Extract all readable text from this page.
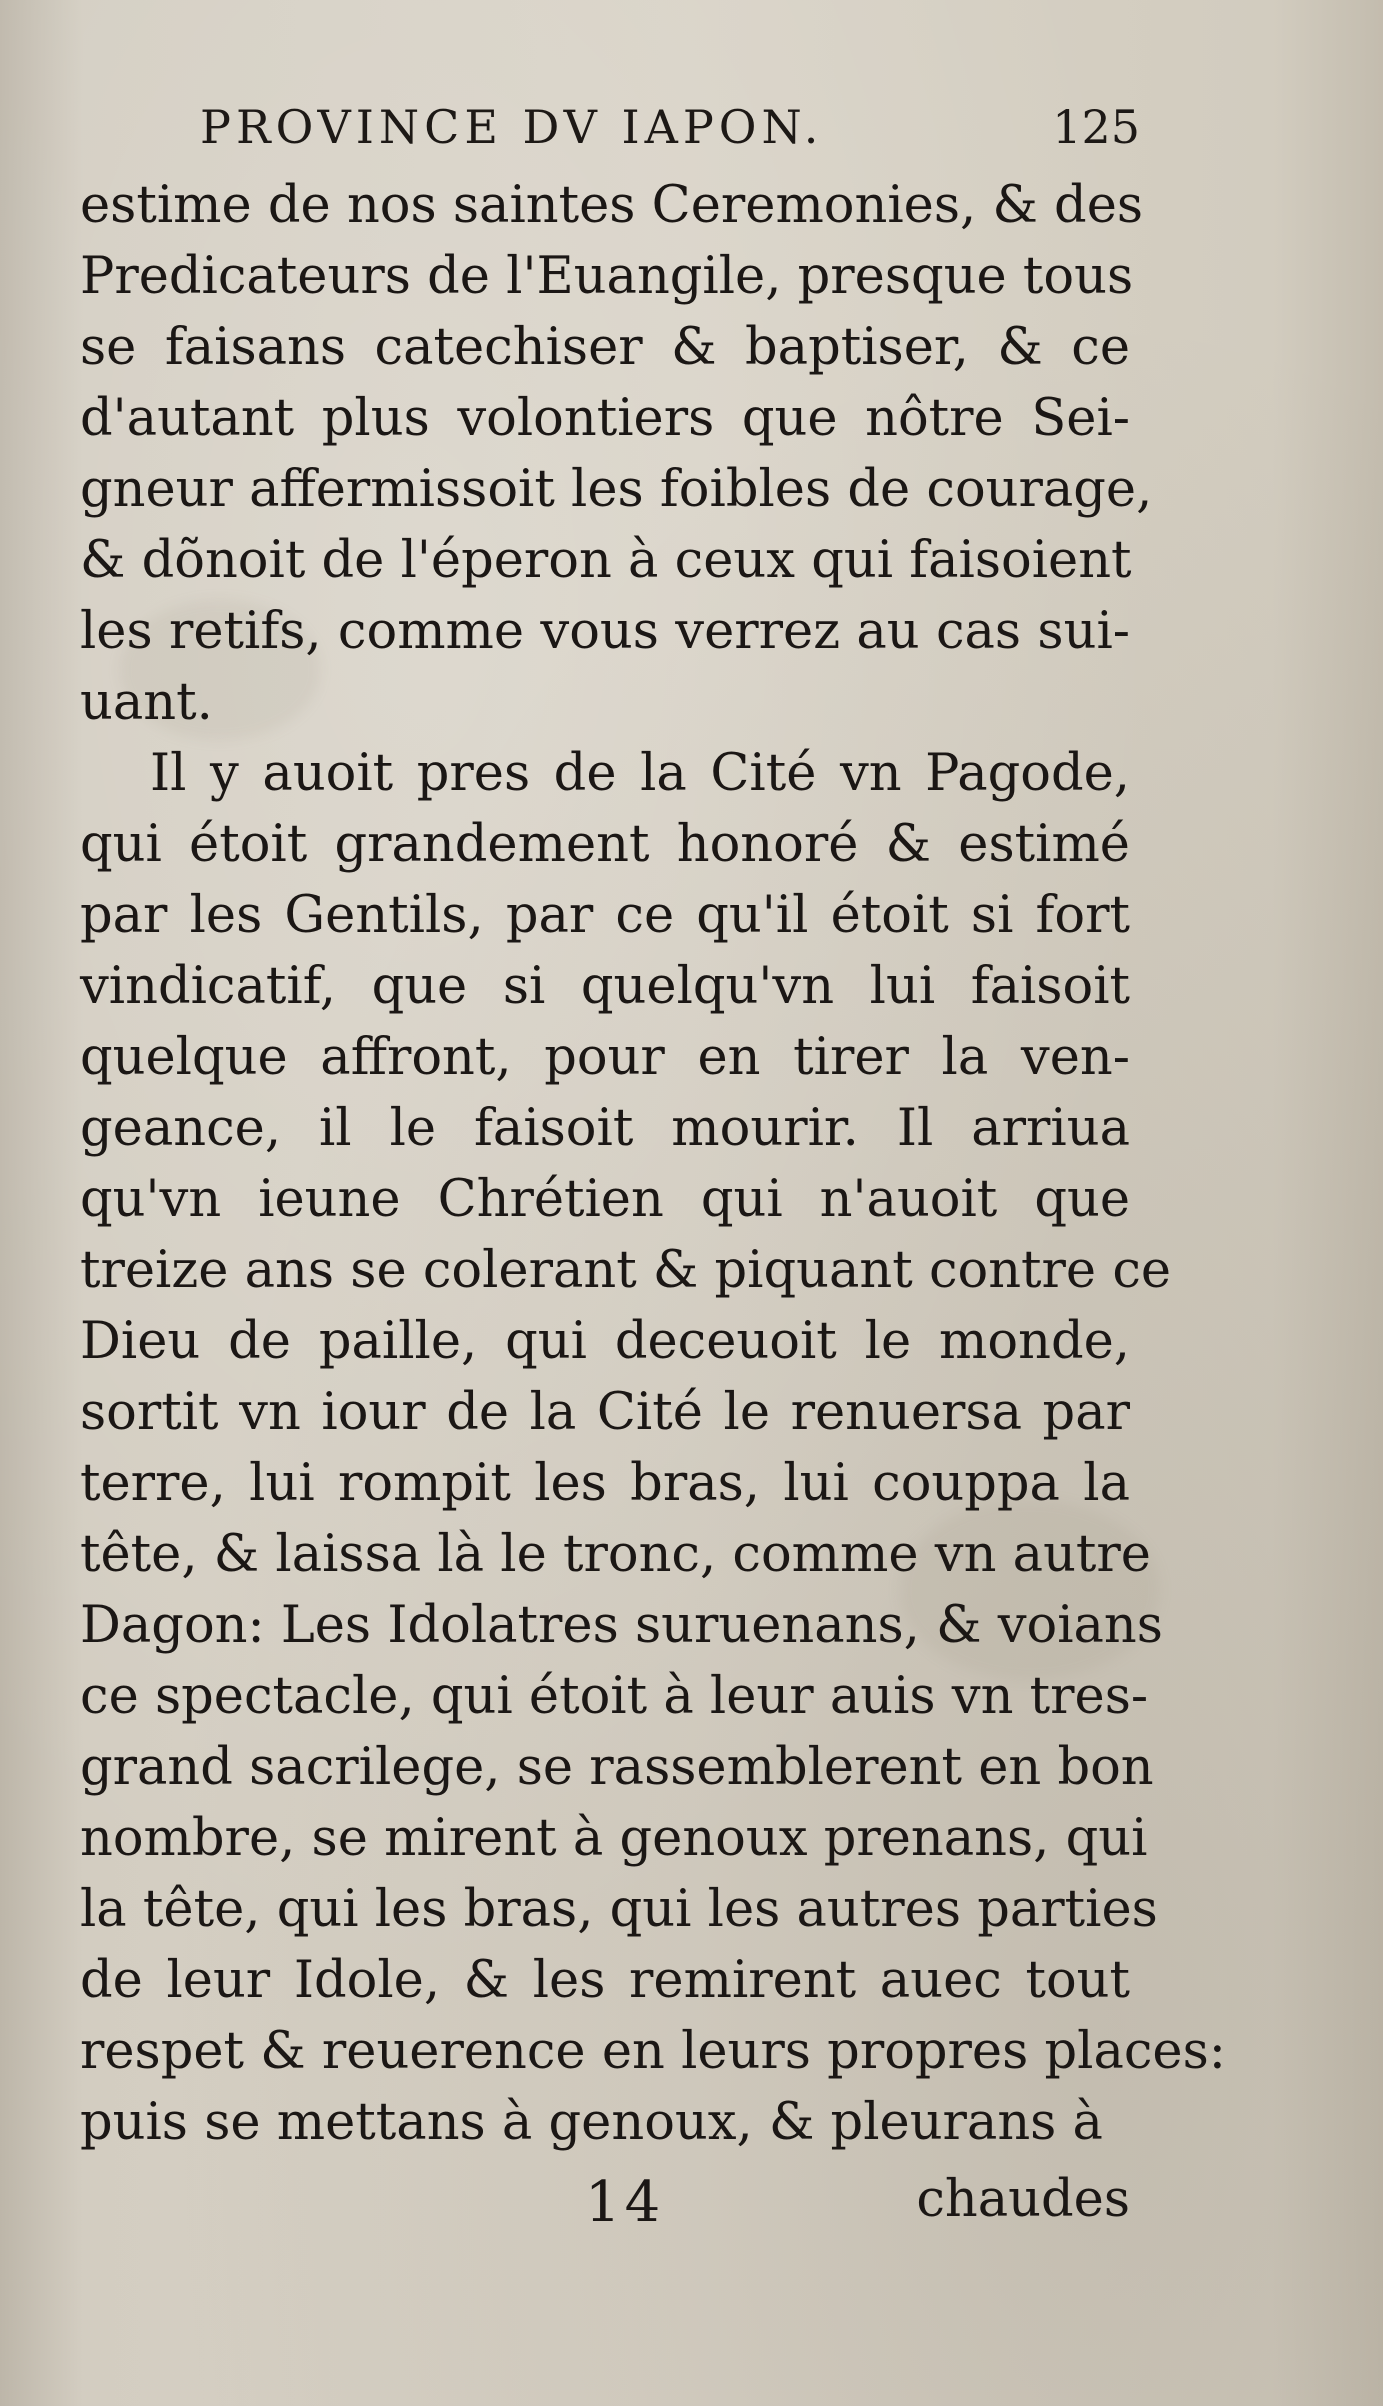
PROVINCE DV IAPON.	125
estime de nos saintes Ceremonies, & des
Predicateurs de l'Euangile, presque tous
se faisans catechiser & baptiser, & ce
d'autant plus volontiers que nôtre Sei-
gneur affermissoit les foibles de courage,
& dõnoit de l'éperon à ceux qui faisoient
les retifs, comme vous verrez au cas sui-
uant.
Il y auoit pres de la Cité vn Pagode,
qui étoit grandement honoré & estimé
par les Gentils, par ce qu'il étoit si fort
vindicatif, que si quelqu'vn lui faisoit
quelque affront, pour en tirer la ven-
geance, il le faisoit mourir. Il arriua
qu'vn ieune Chrétien qui n'auoit que
treize ans se colerant & piquant contre ce
Dieu de paille, qui deceuoit le monde,
sortit vn iour de la Cité le renuersa par
terre, lui rompit les bras, lui couppa la
tête, & laissa là le tronc, comme vn autre
Dagon: Les Idolatres suruenans, & voians
ce spectacle, qui étoit à leur auis vn tres-
grand sacrilege, se rassemblerent en bon
nombre, se mirent à genoux prenans, qui
la tête, qui les bras, qui les autres parties
de leur Idole, & les remirent auec tout
respet & reuerence en leurs propres places:
puis se mettans à genoux, & pleurans à
14	chaudes
